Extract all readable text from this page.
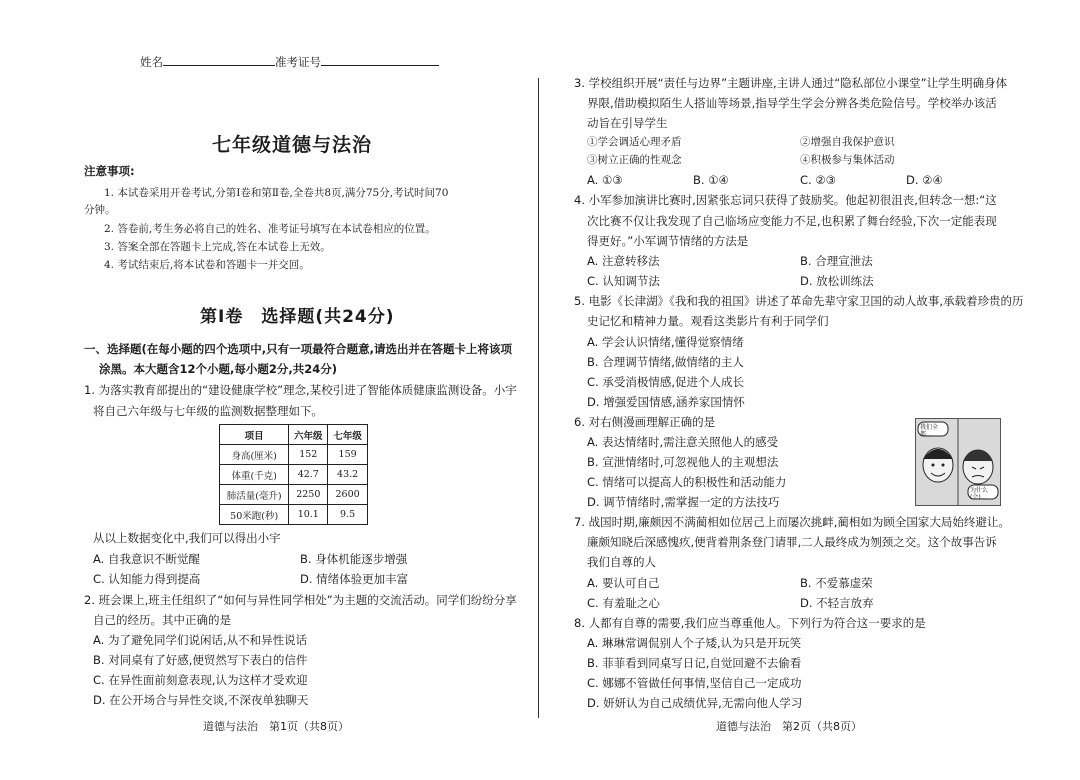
姓名	准考证号
七年级道德与法治
注意事项:
1. 本试卷采用开卷考试,分第Ⅰ卷和第Ⅱ卷,全卷共8页,满分75分,考试时间70
分钟。
2. 答卷前,考生务必将自己的姓名、准考证号填写在本试卷相应的位置。
3. 答案全部在答题卡上完成,答在本试卷上无效。
4. 考试结束后,将本试卷和答题卡一并交回。
第Ⅰ卷　选择题(共24分)
一、选择题(在每小题的四个选项中,只有一项最符合题意,请选出并在答题卡上将该项
涂黑。本大题含12个小题,每小题2分,共24分)
1. 为落实教育部提出的“建设健康学校”理念,某校引进了智能体质健康监测设备。小宇
将自己六年级与七年级的监测数据整理如下。
项目	六年级	七年级
身高(厘米)	152	159
体重(千克)	42.7	43.2
肺活量(毫升)	2250	2600
50米跑(秒)	10.1	9.5
从以上数据变化中,我们可以得出小宇
A. 自我意识不断觉醒	B. 身体机能逐步增强
C. 认知能力得到提高	D. 情绪体验更加丰富
2. 班会课上,班主任组织了“如何与异性同学相处”为主题的交流活动。同学们纷纷分享
自己的经历。其中正确的是
A. 为了避免同学们说闲话,从不和异性说话
B. 对同桌有了好感,便贸然写下表白的信件
C. 在异性面前刻意表现,认为这样才受欢迎
D. 在公开场合与异性交谈,不深夜单独聊天
道德与法治　第1页（共8页）
3. 学校组织开展“责任与边界”主题讲座,主讲人通过“隐私部位小课堂”让学生明确身体
界限,借助模拟陌生人搭讪等场景,指导学生学会分辨各类危险信号。学校举办该活
动旨在引导学生
①学会调适心理矛盾	②增强自我保护意识
③树立正确的性观念	④积极参与集体活动
A. ①③	B. ①④	C. ②③	D. ②④
4. 小军参加演讲比赛时,因紧张忘词只获得了鼓励奖。他起初很沮丧,但转念一想:“这
次比赛不仅让我发现了自己临场应变能力不足,也积累了舞台经验,下次一定能表现
得更好。”小军调节情绪的方法是
A. 注意转移法	B. 合理宣泄法
C. 认知调节法	D. 放松训练法
5. 电影《长津湖》《我和我的祖国》讲述了革命先辈守家卫国的动人故事,承载着珍贵的历
史记忆和精神力量。观看这类影片有利于同学们
A. 学会认识情绪,懂得觉察情绪
B. 合理调节情绪,做情绪的主人
C. 承受消极情感,促进个人成长
D. 增强爱国情感,涵养家国情怀
6. 对右侧漫画理解正确的是
A. 表达情绪时,需注意关照他人的感受
B. 宣泄情绪时,可忽视他人的主观想法
C. 情绪可以提高人的积极性和活动能力
D. 调节情绪时,需掌握一定的方法技巧
我们全都…
为什么(会)…
7. 战国时期,廉颇因不满蔺相如位居己上而屡次挑衅,蔺相如为顾全国家大局始终避让。
廉颇知晓后深感愧疚,便背着荆条登门请罪,二人最终成为刎颈之交。这个故事告诉
我们自尊的人
A. 要认可自己	B. 不爱慕虚荣
C. 有羞耻之心	D. 不轻言放弃
8. 人都有自尊的需要,我们应当尊重他人。下列行为符合这一要求的是
A. 琳琳常调侃别人个子矮,认为只是开玩笑
B. 菲菲看到同桌写日记,自觉回避不去偷看
C. 娜娜不管做任何事情,坚信自己一定成功
D. 妍妍认为自己成绩优异,无需向他人学习
道德与法治　第2页（共8页）
